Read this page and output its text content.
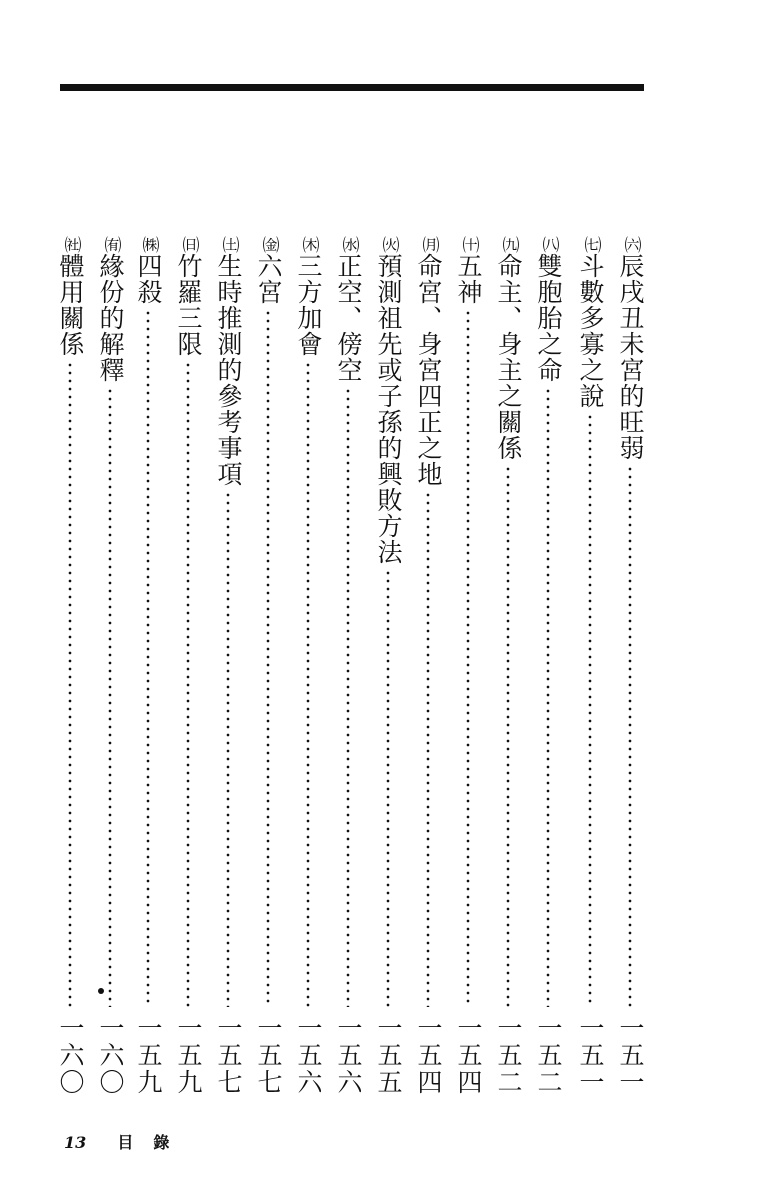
㈥
辰戌丑未宮的旺弱
一五一
㈦
斗數多寡之說
一五一
㈧
雙胞胎之命
一五二
㈨
命主、身主之關係
一五二
㈩
五神
一五四
㈪
命宮、身宮四正之地
一五四
㈫
預測祖先或子孫的興敗方法
一五五
㈬
正空、傍空
一五六
㈭
三方加會
一五六
㈮
六宮
一五七
㈯
生時推測的參考事項
一五七
㈰
竹羅三限
一五九
㈱
四殺
一五九
㈲
緣份的解釋
一六〇
㈳
體用關係
一六〇
13 目錄
